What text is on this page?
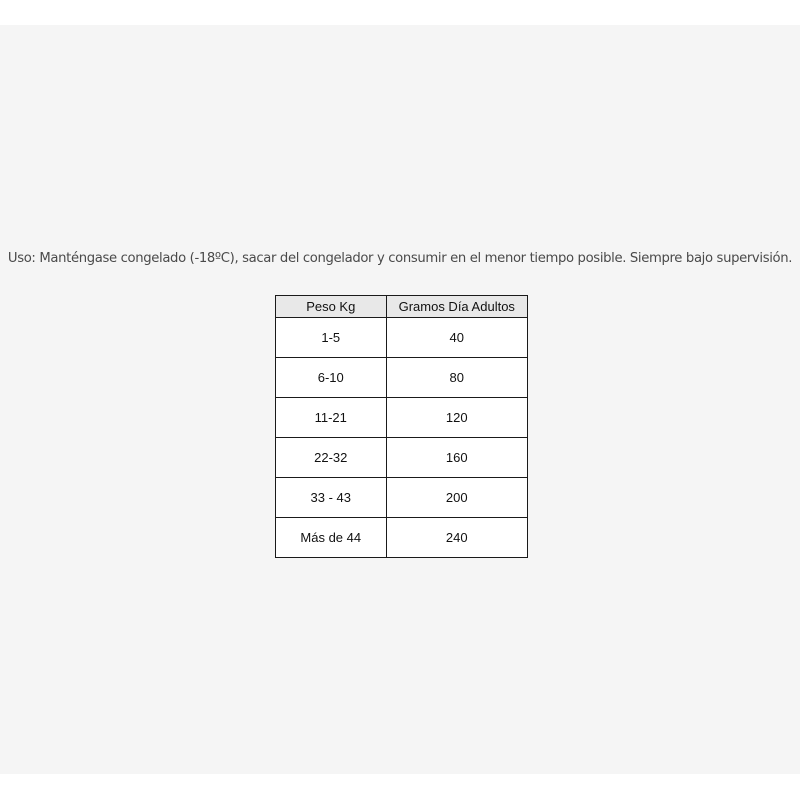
Uso: Manténgase congelado (-18ºC), sacar del congelador y consumir en el menor tiempo posible. Siempre bajo supervisión.

Peso Kg	Gramos Día Adultos
1-5	40
6-10	80
11-21	120
22-32	160
33 - 43	200
Más de 44	240
